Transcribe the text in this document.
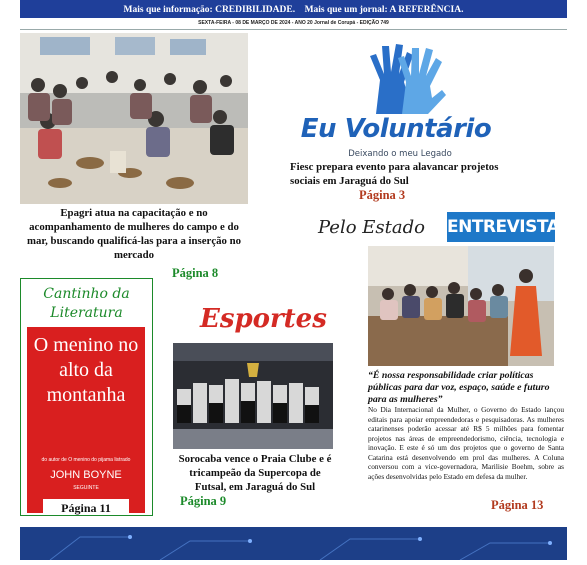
Mais que informação: CREDIBILIDADE.    Mais que um jornal: A REFERÊNCIA.
SEXTA-FEIRA - 08 DE MARÇO DE 2024 - ANO 20 Jornal de Corupá - EDIÇÃO 749
Epagri atua na capacitação e no acompanhamento de mulheres do campo e do mar, buscando qualificá-las para a inserção no mercado
Página 8
Eu Voluntário
Deixando o meu Legado
Fiesc prepara evento para alavancar projetos sociais em Jaraguá do Sul
Página 3
Pelo Estado ENTREVISTA
“É nossa responsabilidade criar políticas públicas para dar voz, espaço, saúde e futuro para as mulheres”
No Dia Internacional da Mulher, o Governo do Estado lançou editais para apoiar empreendedoras e pesquisadoras. As mulheres catarinenses poderão acessar até R$ 5 milhões para fomentar projetos nas áreas de empreendedorismo, ciência, tecnologia e inovação. E este é só um dos projetos que o governo de Santa Catarina está desenvolvendo em prol das mulheres. A Coluna conversou com a vice-governadora, Marilisie Boehm, sobre as ações desenvolvidas pelo Estado em defesa da mulher.
Página 13
Cantinho da Literatura
O menino no alto da montanha
do autor de O menino do pijama listrado
JOHN BOYNE
SEGUINTE
Página 11
Esportes
Sorocaba vence o Praia Clube e é tricampeão da Supercopa de Futsal, em Jaraguá do Sul
Página 9
